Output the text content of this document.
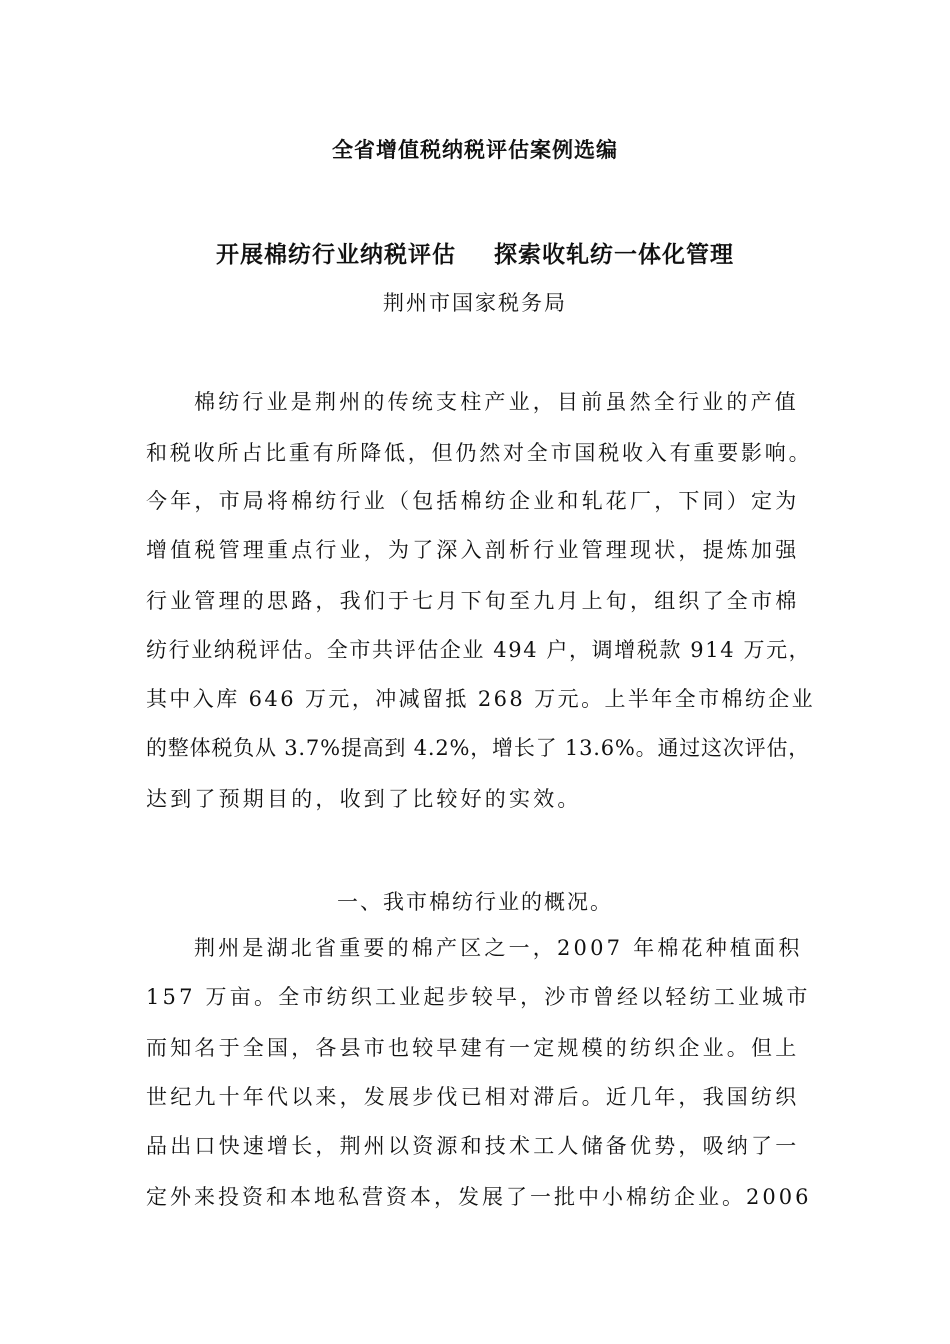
全省增值税纳税评估案例选编
开展棉纺行业纳税评估 探索收轧纺一体化管理
荆州市国家税务局
棉纺行业是荆州的传统支柱产业，目前虽然全行业的产值
和税收所占比重有所降低，但仍然对全市国税收入有重要影响。
今年，市局将棉纺行业（包括棉纺企业和轧花厂，下同）定为
增值税管理重点行业，为了深入剖析行业管理现状，提炼加强
行业管理的思路，我们于七月下旬至九月上旬，组织了全市棉
纺行业纳税评估。全市共评估企业 494 户，调增税款 914 万元，
其中入库 646 万元，冲减留抵 268 万元。上半年全市棉纺企业
的整体税负从 3.7%提高到 4.2%，增长了 13.6%。通过这次评估，
达到了预期目的，收到了比较好的实效。
一、我市棉纺行业的概况。
荆州是湖北省重要的棉产区之一，2007 年棉花种植面积
157 万亩。全市纺织工业起步较早，沙市曾经以轻纺工业城市
而知名于全国，各县市也较早建有一定规模的纺织企业。但上
世纪九十年代以来，发展步伐已相对滞后。近几年，我国纺织
品出口快速增长，荆州以资源和技术工人储备优势，吸纳了一
定外来投资和本地私营资本，发展了一批中小棉纺企业。2006
